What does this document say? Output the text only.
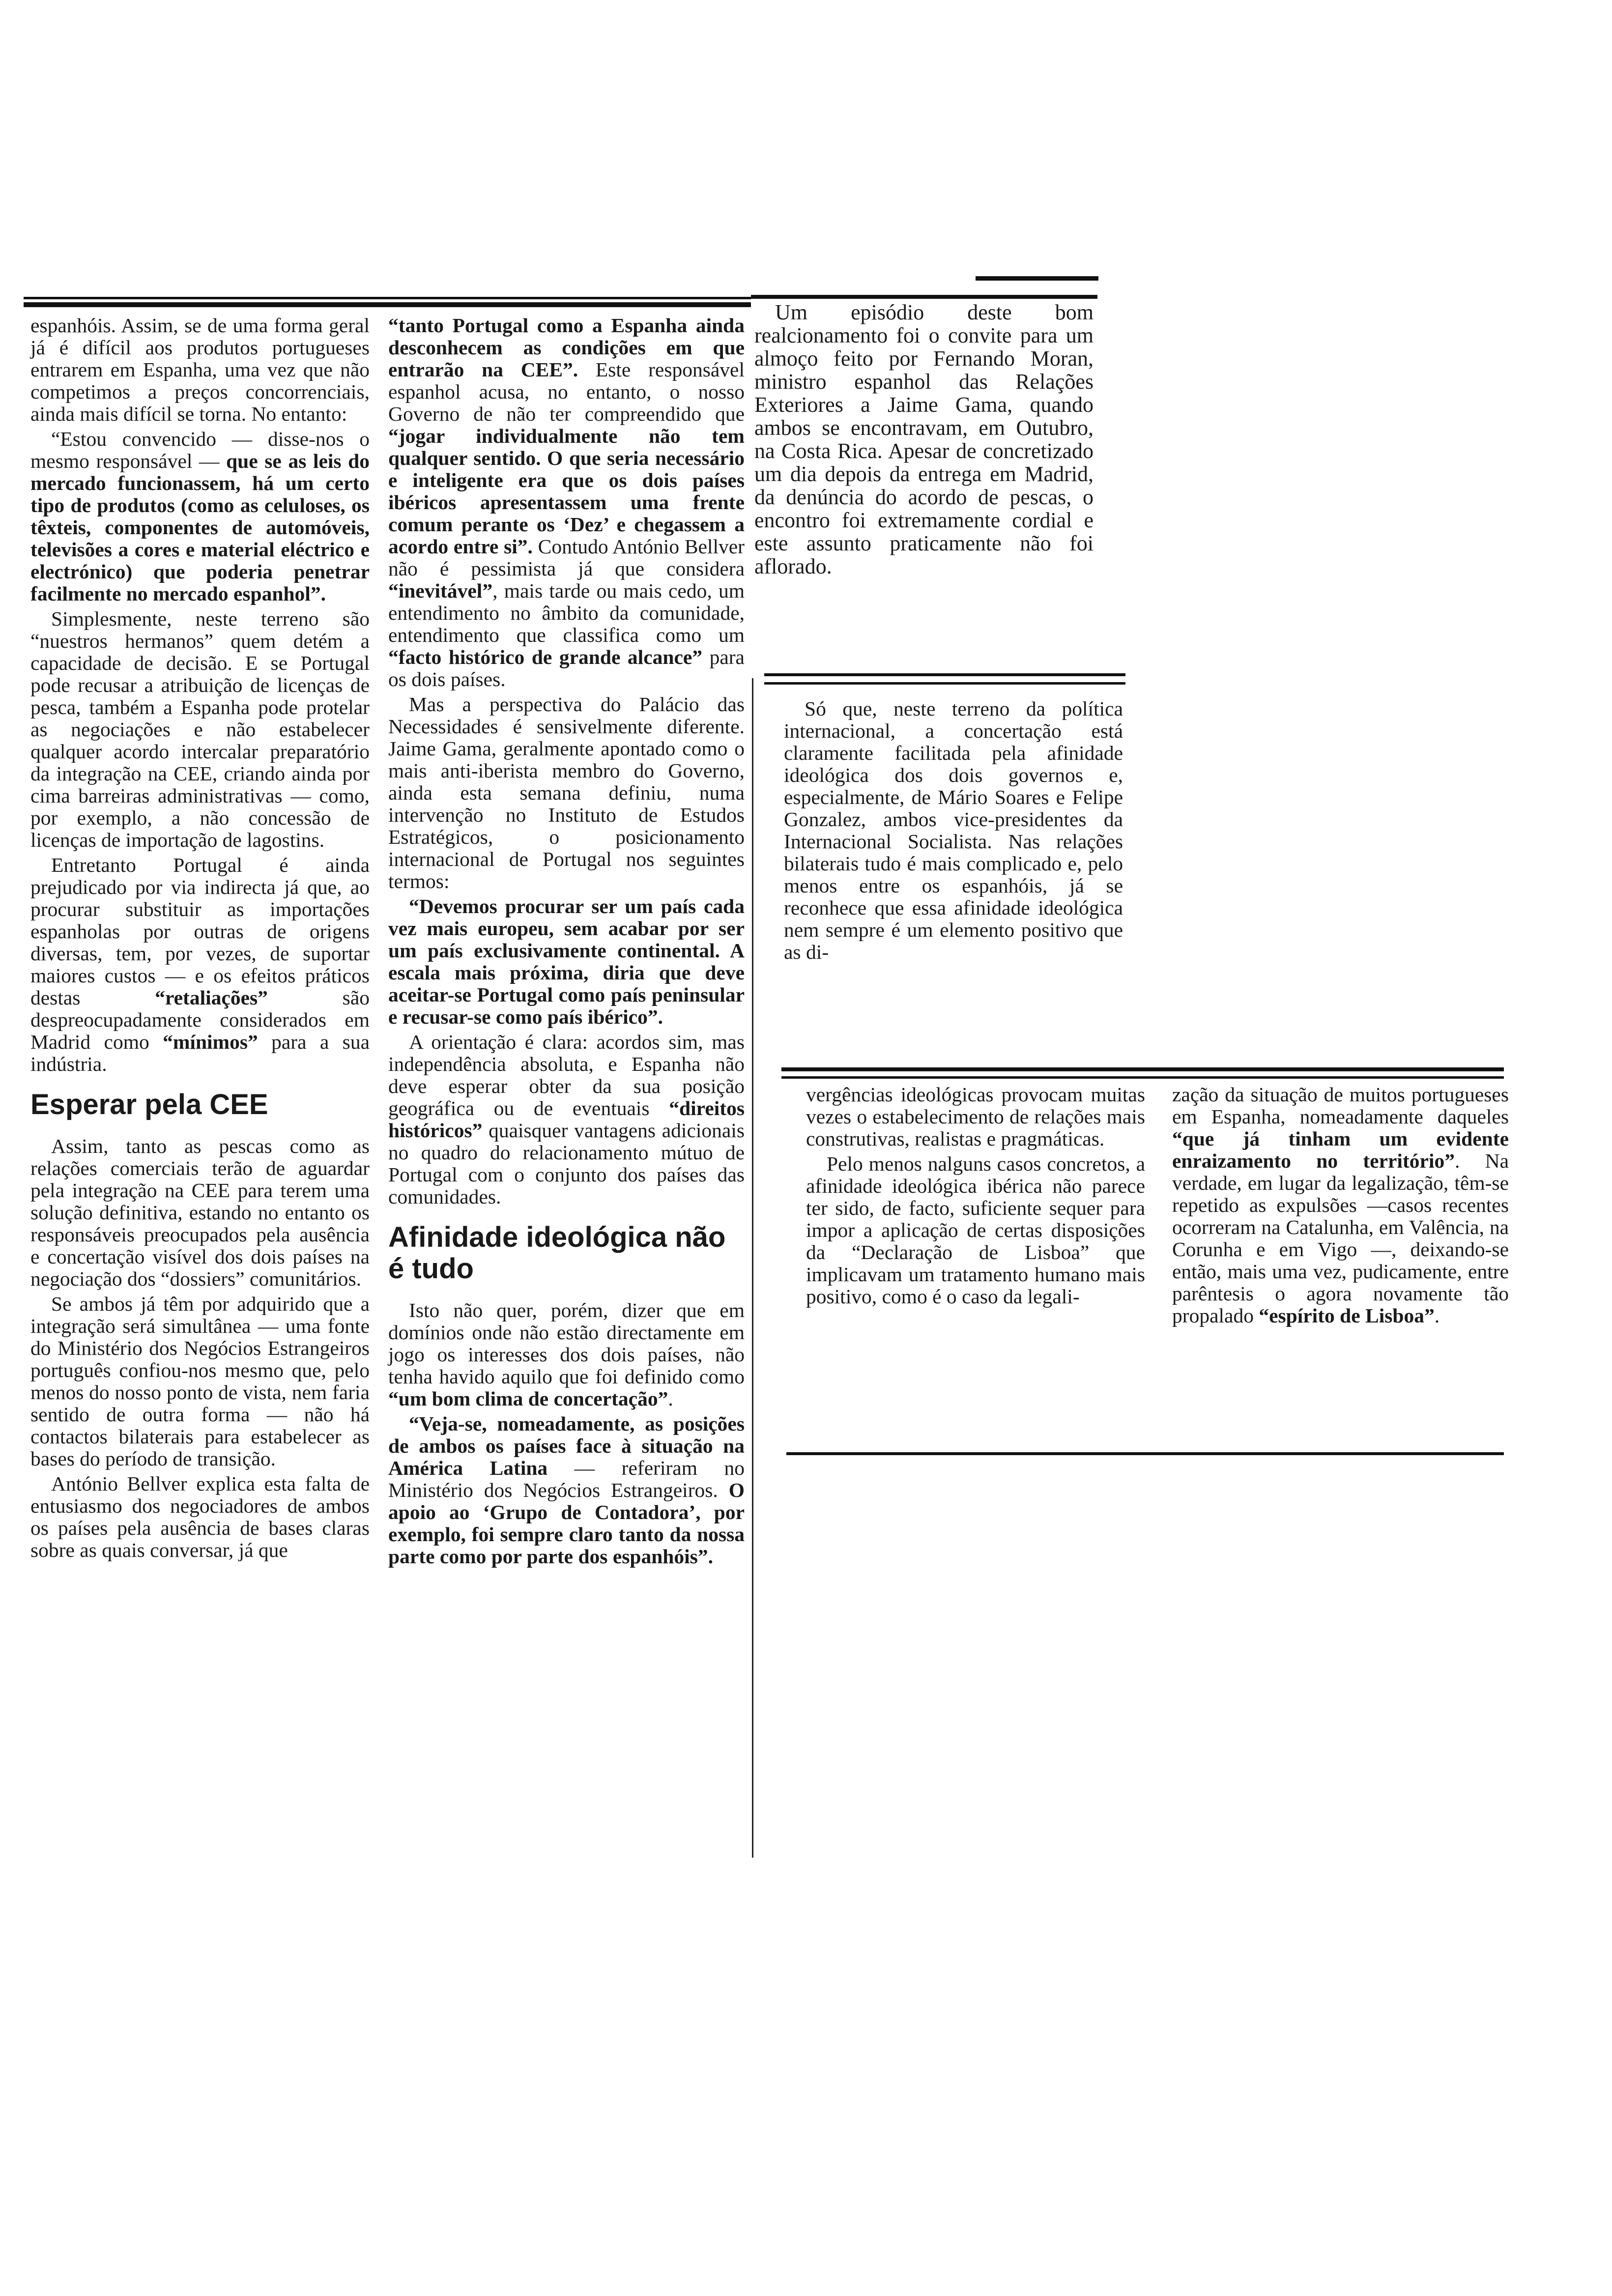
espanhóis. Assim, se de uma forma geral já é difícil aos produtos portugueses entrarem em Espanha, uma vez que não competimos a preços concorrenciais, ainda mais difícil se torna. No entanto:

“Estou convencido — disse-nos o mesmo responsável — que se as leis do mercado funcionassem, há um certo tipo de produtos (como as celuloses, os têxteis, componentes de automóveis, televisões a cores e material eléctrico e electrónico) que poderia penetrar facilmente no mercado espanhol”.

Simplesmente, neste terreno são “nuestros hermanos” quem detém a capacidade de decisão. E se Portugal pode recusar a atribuição de licenças de pesca, também a Espanha pode protelar as negociações e não estabelecer qualquer acordo intercalar preparatório da integração na CEE, criando ainda por cima barreiras administrativas — como, por exemplo, a não concessão de licenças de importação de lagostins.

Entretanto Portugal é ainda prejudicado por via indirecta já que, ao procurar substituir as importações espanholas por outras de origens diversas, tem, por vezes, de suportar maiores custos — e os efeitos práticos destas “retaliações” são despreocupadamente considerados em Madrid como “mínimos” para a sua indústria.

Esperar pela CEE

Assim, tanto as pescas como as relações comerciais terão de aguardar pela integração na CEE para terem uma solução definitiva, estando no entanto os responsáveis preocupados pela ausência e concertação visível dos dois países na negociação dos “dossiers” comunitários.

Se ambos já têm por adquirido que a integração será simultânea — uma fonte do Ministério dos Negócios Estrangeiros português confiou-nos mesmo que, pelo menos do nosso ponto de vista, nem faria sentido de outra forma — não há contactos bilaterais para estabelecer as bases do período de transição.

António Bellver explica esta falta de entusiasmo dos negociadores de ambos os países pela ausência de bases claras sobre as quais conversar, já que

“tanto Portugal como a Espanha ainda desconhecem as condições em que entrarão na CEE”. Este responsável espanhol acusa, no entanto, o nosso Governo de não ter compreendido que “jogar individualmente não tem qualquer sentido. O que seria necessário e inteligente era que os dois países ibéricos apresentassem uma frente comum perante os ‘Dez’ e chegassem a acordo entre si”. Contudo António Bellver não é pessimista já que considera “inevitável”, mais tarde ou mais cedo, um entendimento no âmbito da comunidade, entendimento que classifica como um “facto histórico de grande alcance” para os dois países.

Mas a perspectiva do Palácio das Necessidades é sensivelmente diferente. Jaime Gama, geralmente apontado como o mais anti-iberista membro do Governo, ainda esta semana definiu, numa intervenção no Instituto de Estudos Estratégicos, o posicionamento internacional de Portugal nos seguintes termos:

“Devemos procurar ser um país cada vez mais europeu, sem acabar por ser um país exclusivamente continental. A escala mais próxima, diria que deve aceitar-se Portugal como país peninsular e recusar-se como país ibérico”.

A orientação é clara: acordos sim, mas independência absoluta, e Espanha não deve esperar obter da sua posição geográfica ou de eventuais “direitos históricos” quaisquer vantagens adicionais no quadro do relacionamento mútuo de Portugal com o conjunto dos países das comunidades.

Afinidade ideológica não é tudo

Isto não quer, porém, dizer que em domínios onde não estão directamente em jogo os interesses dos dois países, não tenha havido aquilo que foi definido como “um bom clima de concertação”.

“Veja-se, nomeadamente, as posições de ambos os países face à situação na América Latina — referiram no Ministério dos Negócios Estrangeiros. O apoio ao ‘Grupo de Contadora’, por exemplo, foi sempre claro tanto da nossa parte como por parte dos espanhóis”.

Um episódio deste bom realcionamento foi o convite para um almoço feito por Fernando Moran, ministro espanhol das Relações Exteriores a Jaime Gama, quando ambos se encontravam, em Outubro, na Costa Rica. Apesar de concretizado um dia depois da entrega em Madrid, da denúncia do acordo de pescas, o encontro foi extremamente cordial e este assunto praticamente não foi aflorado.

Só que, neste terreno da política internacional, a concertação está claramente facilitada pela afinidade ideológica dos dois governos e, especialmente, de Mário Soares e Felipe Gonzalez, ambos vice-presidentes da Internacional Socialista. Nas relações bilaterais tudo é mais complicado e, pelo menos entre os espanhóis, já se reconhece que essa afinidade ideológica nem sempre é um elemento positivo que as di-

vergências ideológicas provocam muitas vezes o estabelecimento de relações mais construtivas, realistas e pragmáticas.

Pelo menos nalguns casos concretos, a afinidade ideológica ibérica não parece ter sido, de facto, suficiente sequer para impor a aplicação de certas disposições da “Declaração de Lisboa” que implicavam um tratamento humano mais positivo, como é o caso da legali-

zação da situação de muitos portugueses em Espanha, nomeadamente daqueles “que já tinham um evidente enraizamento no território”. Na verdade, em lugar da legalização, têm-se repetido as expulsões —casos recentes ocorreram na Catalunha, em Valência, na Corunha e em Vigo —, deixando-se então, mais uma vez, pudicamente, entre parêntesis o agora novamente tão propalado “espírito de Lisboa”.
